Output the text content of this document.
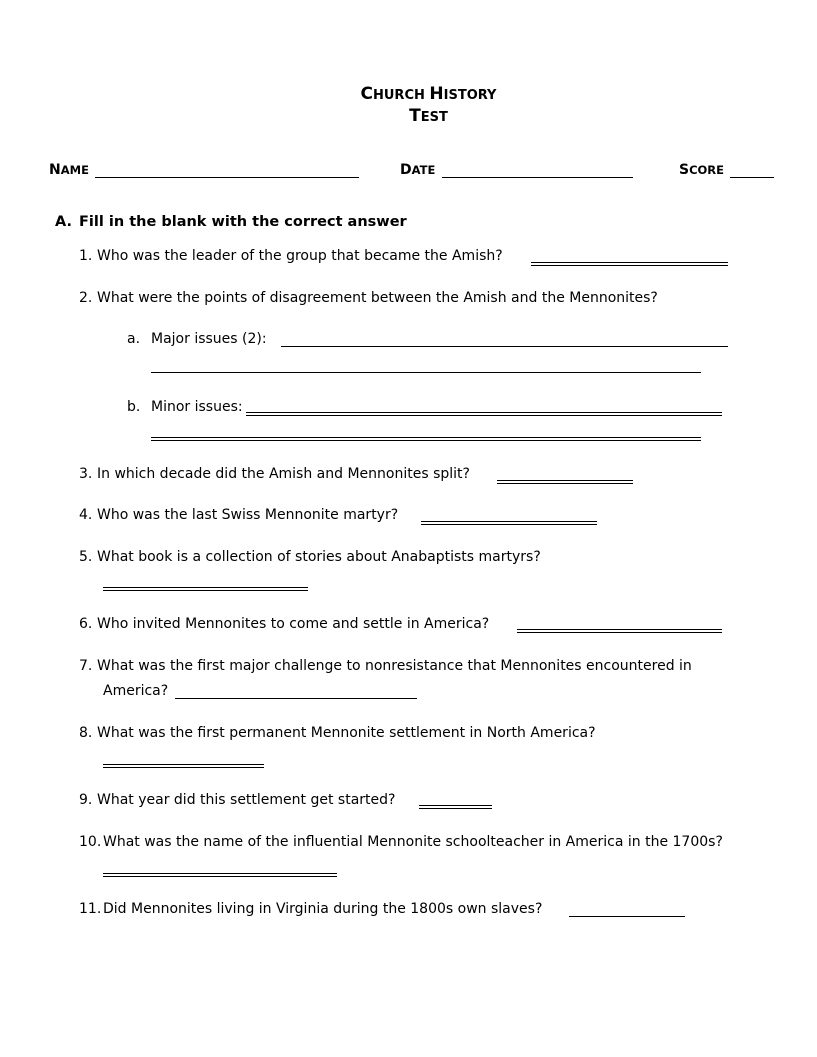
CHURCH HISTORY
TEST
NAME	DATE	SCORE
A. Fill in the blank with the correct answer
1. Who was the leader of the group that became the Amish?
2. What were the points of disagreement between the Amish and the Mennonites?
a. Major issues (2):
b. Minor issues:
3. In which decade did the Amish and Mennonites split?
4. Who was the last Swiss Mennonite martyr?
5. What book is a collection of stories about Anabaptists martyrs?
6. Who invited Mennonites to come and settle in America?
7. What was the first major challenge to nonresistance that Mennonites encountered in
America?
8. What was the first permanent Mennonite settlement in North America?
9. What year did this settlement get started?
10. What was the name of the influential Mennonite schoolteacher in America in the 1700s?
11. Did Mennonites living in Virginia during the 1800s own slaves?
